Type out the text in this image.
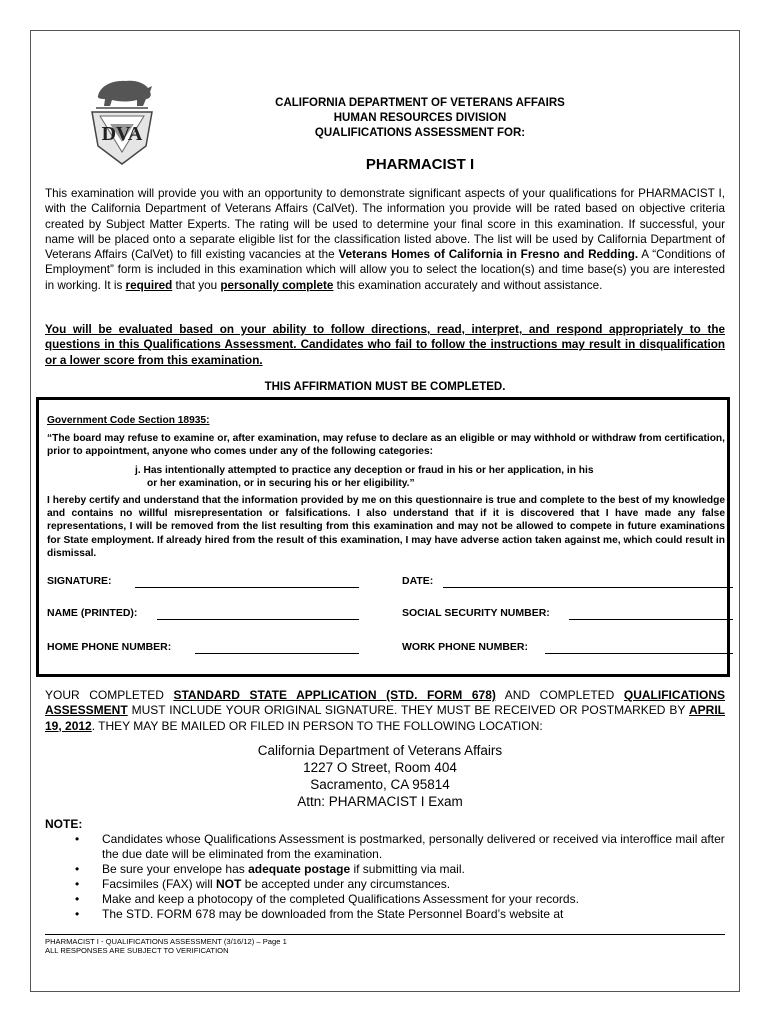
DVA
CALIFORNIA DEPARTMENT OF VETERANS AFFAIRS
HUMAN RESOURCES DIVISION
QUALIFICATIONS ASSESSMENT FOR:
PHARMACIST I

This examination will provide you with an opportunity to demonstrate significant aspects of your qualifications for PHARMACIST I, with the California Department of Veterans Affairs (CalVet). The information you provide will be rated based on objective criteria created by Subject Matter Experts. The rating will be used to determine your final score in this examination. If successful, your name will be placed onto a separate eligible list for the classification listed above. The list will be used by California Department of Veterans Affairs (CalVet) to fill existing vacancies at the Veterans Homes of California in Fresno and Redding. A “Conditions of Employment” form is included in this examination which will allow you to select the location(s) and time base(s) you are interested in working. It is required that you personally complete this examination accurately and without assistance.

You will be evaluated based on your ability to follow directions, read, interpret, and respond appropriately to the questions in this Qualifications Assessment. Candidates who fail to follow the instructions may result in disqualification or a lower score from this examination.

THIS AFFIRMATION MUST BE COMPLETED.

Government Code Section 18935:

“The board may refuse to examine or, after examination, may refuse to declare as an eligible or may withhold or withdraw from certification, prior to appointment, anyone who comes under any of the following categories:

j. Has intentionally attempted to practice any deception or fraud in his or her application, in his
or her examination, or in securing his or her eligibility.”

I hereby certify and understand that the information provided by me on this questionnaire is true and complete to the best of my knowledge and contains no willful misrepresentation or falsifications. I also understand that if it is discovered that I have made any false representations, I will be removed from the list resulting from this examination and may not be allowed to compete in future examinations for State employment. If already hired from the result of this examination, I may have adverse action taken against me, which could result in dismissal.

SIGNATURE:	DATE:
NAME (PRINTED):	SOCIAL SECURITY NUMBER:
HOME PHONE NUMBER:	WORK PHONE NUMBER:

YOUR COMPLETED STANDARD STATE APPLICATION (STD. FORM 678) AND COMPLETED QUALIFICATIONS ASSESSMENT MUST INCLUDE YOUR ORIGINAL SIGNATURE. THEY MUST BE RECEIVED OR POSTMARKED BY APRIL 19, 2012. THEY MAY BE MAILED OR FILED IN PERSON TO THE FOLLOWING LOCATION:

California Department of Veterans Affairs
1227 O Street, Room 404
Sacramento, CA 95814
Attn: PHARMACIST I Exam
NOTE:
• Candidates whose Qualifications Assessment is postmarked, personally delivered or received via interoffice mail after the due date will be eliminated from the examination.
• Be sure your envelope has adequate postage if submitting via mail.
• Facsimiles (FAX) will NOT be accepted under any circumstances.
• Make and keep a photocopy of the completed Qualifications Assessment for your records.
• The STD. FORM 678 may be downloaded from the State Personnel Board’s website at
PHARMACIST I - QUALIFICATIONS ASSESSMENT (3/16/12) – Page 1
ALL RESPONSES ARE SUBJECT TO VERIFICATION
